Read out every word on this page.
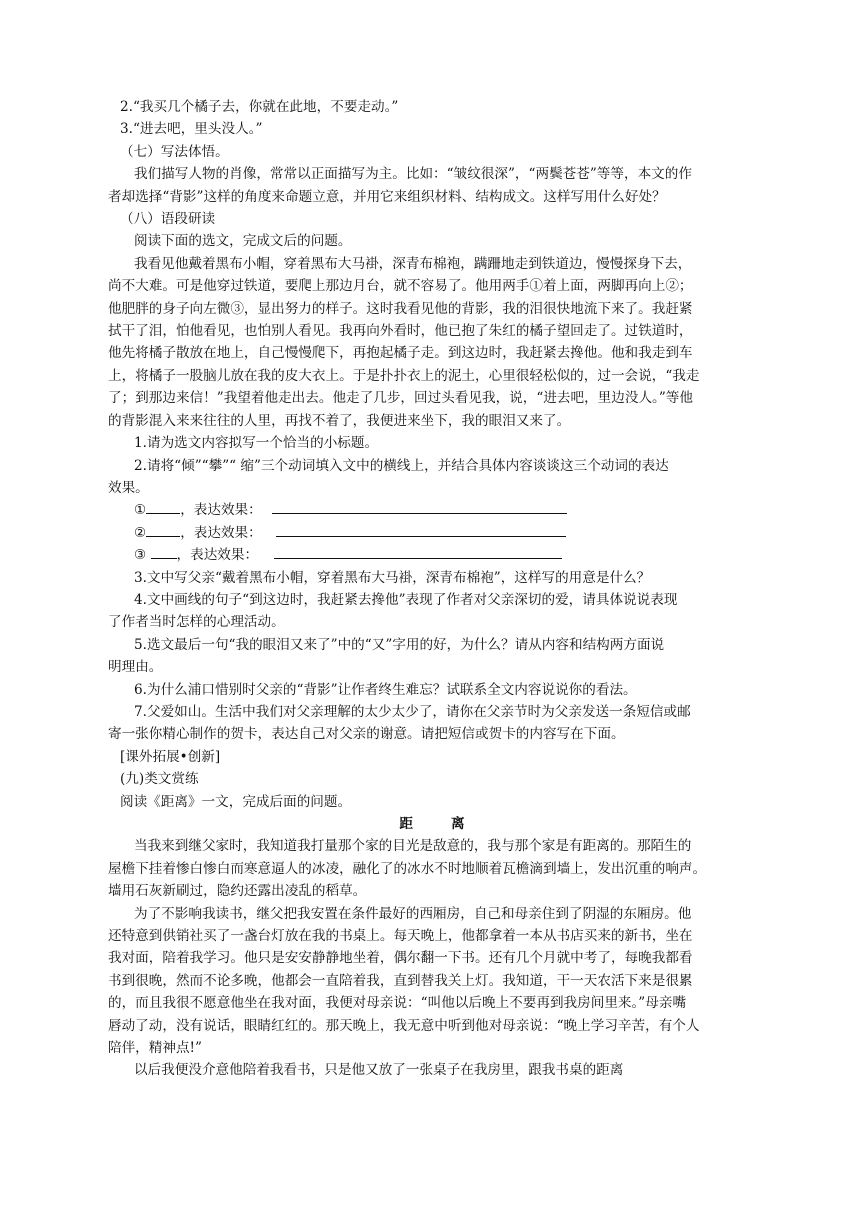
2.“我买几个橘子去，你就在此地，不要走动。”
3.“进去吧，里头没人。”
（七）写法体悟。
我们描写人物的肖像，常常以正面描写为主。比如：“皱纹很深”，“两鬓苍苍”等等，本文的作
者却选择“背影”这样的角度来命题立意，并用它来组织材料、结构成文。这样写用什么好处？
（八）语段研读
阅读下面的选文，完成文后的问题。
我看见他戴着黑布小帽，穿着黑布大马褂，深青布棉袍，蹒跚地走到铁道边，慢慢探身下去，
尚不大难。可是他穿过铁道，要爬上那边月台，就不容易了。他用两手①着上面，两脚再向上②；
他肥胖的身子向左微③，显出努力的样子。这时我看见他的背影，我的泪很快地流下来了。我赶紧
拭干了泪，怕他看见，也怕别人看见。我再向外看时，他已抱了朱红的橘子望回走了。过铁道时，
他先将橘子散放在地上，自己慢慢爬下，再抱起橘子走。到这边时，我赶紧去搀他。他和我走到车
上，将橘子一股脑儿放在我的皮大衣上。于是扑扑衣上的泥土，心里很轻松似的，过一会说，“我走
了；到那边来信！”我望着他走出去。他走了几步，回过头看见我，说，“进去吧，里边没人。”等他
的背影混入来来往往的人里，再找不着了，我便进来坐下，我的眼泪又来了。
1.请为选文内容拟写一个恰当的小标题。
2.请将“倾”“攀”“ 缩”三个动词填入文中的横线上，并结合具体内容谈谈这三个动词的表达
效果。
①	，表达效果：
②	，表达效果：
③ ，表达效果：
3.文中写父亲“戴着黑布小帽，穿着黑布大马褂，深青布棉袍”，这样写的用意是什么？
4.文中画线的句子“到这边时，我赶紧去搀他”表现了作者对父亲深切的爱，请具体说说表现
了作者当时怎样的心理活动。
5.选文最后一句“我的眼泪又来了”中的“又”字用的好，为什么？请从内容和结构两方面说
明理由。
6.为什么浦口惜别时父亲的“背影”让作者终生难忘？试联系全文内容说说你的看法。
7.父爱如山。生活中我们对父亲理解的太少太少了，请你在父亲节时为父亲发送一条短信或邮
寄一张你精心制作的贺卡，表达自己对父亲的谢意。请把短信或贺卡的内容写在下面。
[课外拓展•创新]
(九)类文赏练
阅读《距离》一文，完成后面的问题。
距离
当我来到继父家时，我知道我打量那个家的目光是敌意的，我与那个家是有距离的。那陌生的
屋檐下挂着惨白惨白而寒意逼人的冰凌，融化了的冰水不时地顺着瓦檐滴到墙上，发出沉重的响声。
墙用石灰新刷过，隐约还露出凌乱的稻草。
为了不影响我读书，继父把我安置在条件最好的西厢房，自己和母亲住到了阴湿的东厢房。他
还特意到供销社买了一盏台灯放在我的书桌上。每天晚上，他都拿着一本从书店买来的新书，坐在
我对面，陪着我学习。他只是安安静静地坐着，偶尔翻一下书。还有几个月就中考了，每晚我都看
书到很晚，然而不论多晚，他都会一直陪着我，直到替我关上灯。我知道，干一天农活下来是很累
的，而且我很不愿意他坐在我对面，我便对母亲说：“叫他以后晚上不要再到我房间里来。”母亲嘴
唇动了动，没有说话，眼睛红红的。那天晚上，我无意中听到他对母亲说：“晚上学习辛苦，有个人
陪伴，精神点!”
以后我便没介意他陪着我看书，只是他又放了一张桌子在我房里，跟我书桌的距离
